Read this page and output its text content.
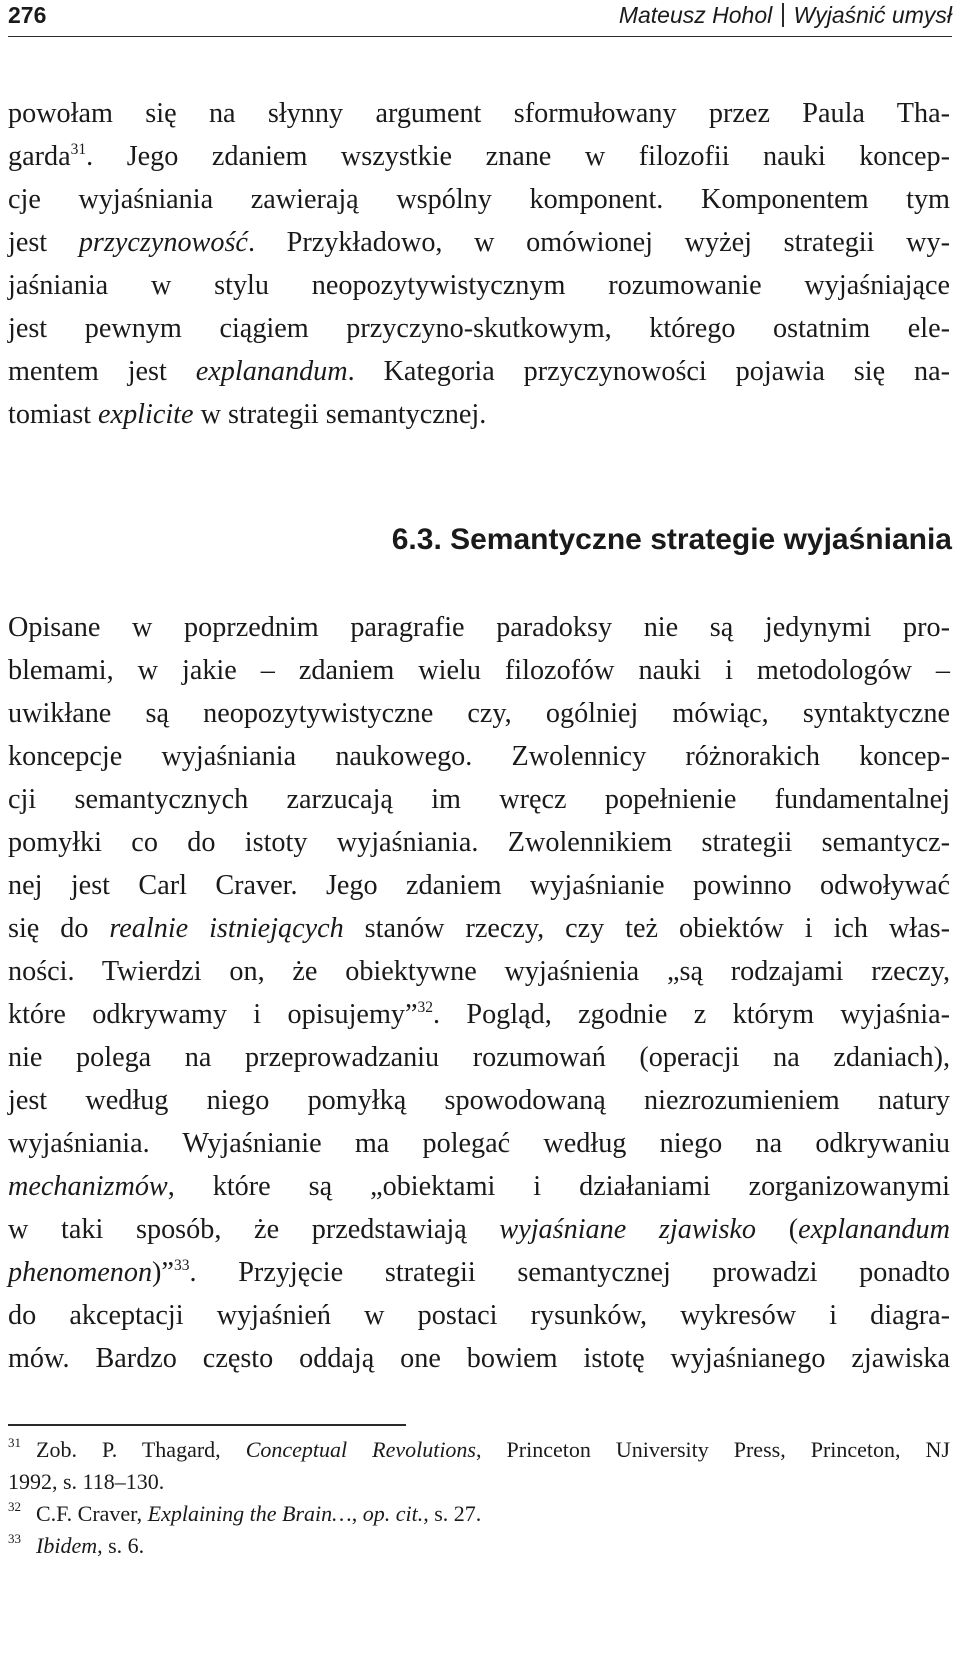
276	Mateusz Hohol Wyjaśnić umysł
powołam się na słynny argument sformułowany przez Paula Tha-
garda$^{31}$. Jego zdaniem wszystkie znane w filozofii nauki koncep-
cje wyjaśniania zawierają wspólny komponent. Komponentem tym
jest przyczynowość. Przykładowo, w omówionej wyżej strategii wy-
jaśniania w stylu neopozytywistycznym rozumowanie wyjaśniające
jest pewnym ciągiem przyczyno-skutkowym, którego ostatnim ele-
mentem jest explanandum. Kategoria przyczynowości pojawia się na-
tomiast explicite w strategii semantycznej.
6.3. Semantyczne strategie wyjaśniania
Opisane w poprzednim paragrafie paradoksy nie są jedynymi pro-
blemami, w jakie – zdaniem wielu filozofów nauki i metodologów –
uwikłane są neopozytywistyczne czy, ogólniej mówiąc, syntaktyczne
koncepcje wyjaśniania naukowego. Zwolennicy różnorakich koncep-
cji semantycznych zarzucają im wręcz popełnienie fundamentalnej
pomyłki co do istoty wyjaśniania. Zwolennikiem strategii semantycz-
nej jest Carl Craver. Jego zdaniem wyjaśnianie powinno odwoływać
się do realnie istniejących stanów rzeczy, czy też obiektów i ich włas-
ności. Twierdzi on, że obiektywne wyjaśnienia „są rodzajami rzeczy,
które odkrywamy i opisujemy”$^{32}$. Pogląd, zgodnie z którym wyjaśnia-
nie polega na przeprowadzaniu rozumowań (operacji na zdaniach),
jest według niego pomyłką spowodowaną niezrozumieniem natury
wyjaśniania. Wyjaśnianie ma polegać według niego na odkrywaniu
mechanizmów, które są „obiektami i działaniami zorganizowanymi
w taki sposób, że przedstawiają wyjaśniane zjawisko (explanandum
phenomenon)”$^{33}$. Przyjęcie strategii semantycznej prowadzi ponadto
do akceptacji wyjaśnień w postaci rysunków, wykresów i diagra-
mów. Bardzo często oddają one bowiem istotę wyjaśnianego zjawiska
31 Zob. P. Thagard, Conceptual Revolutions, Princeton University Press, Princeton, NJ
1992, s. 118–130.
32 C.F. Craver, Explaining the Brain…, op. cit., s. 27.
33 Ibidem, s. 6.
